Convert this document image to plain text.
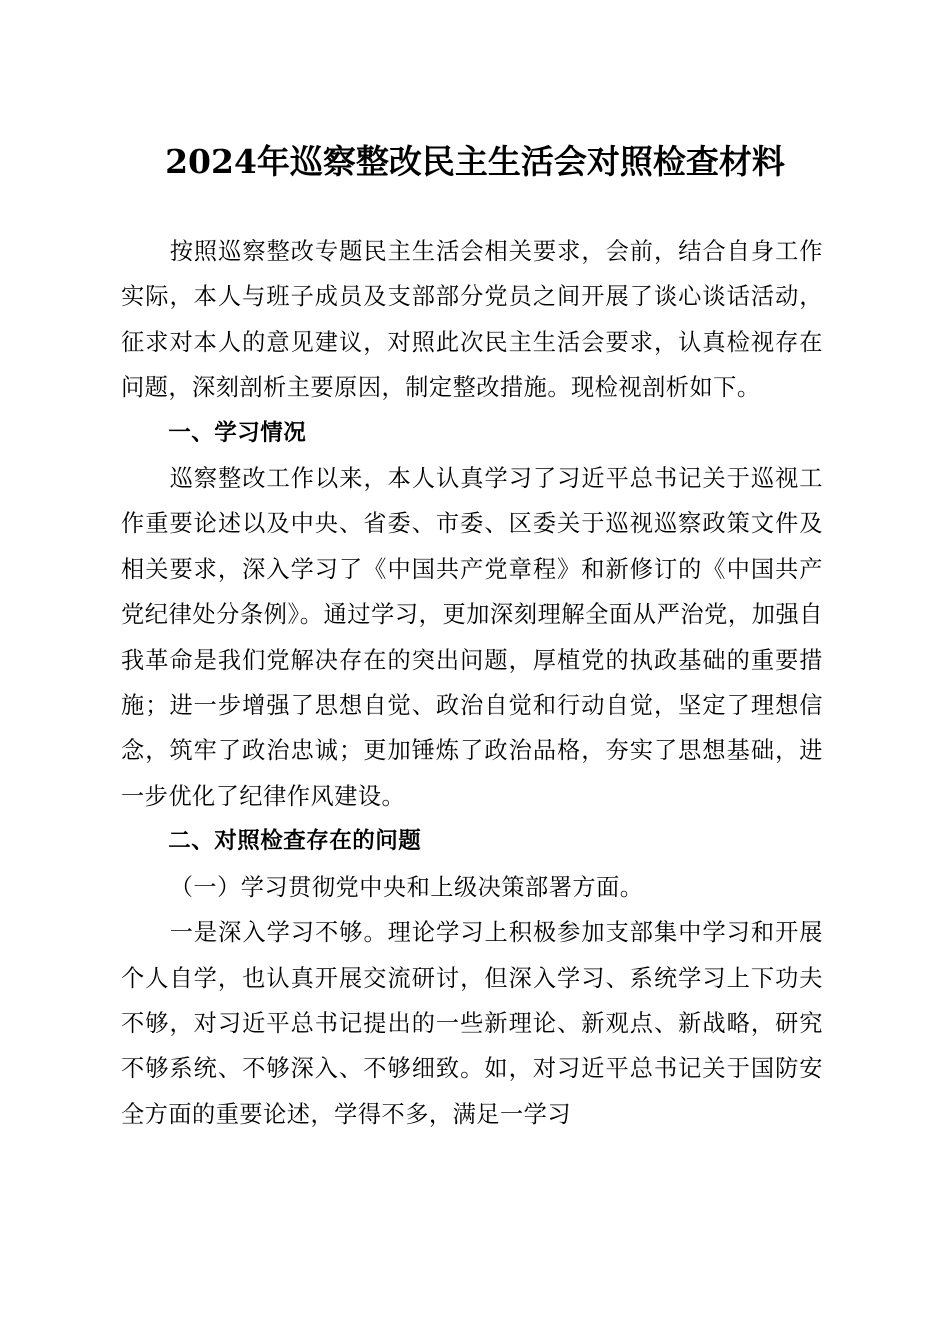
2024年巡察整改民主生活会对照检查材料

按照巡察整改专题民主生活会相关要求，会前，结合自身工作实际，本人与班子成员及支部部分党员之间开展了谈心谈话活动，征求对本人的意见建议，对照此次民主生活会要求，认真检视存在问题，深刻剖析主要原因，制定整改措施。现检视剖析如下。

一、学习情况

巡察整改工作以来，本人认真学习了习近平总书记关于巡视工作重要论述以及中央、省委、市委、区委关于巡视巡察政策文件及相关要求，深入学习了《中国共产党章程》和新修订的《中国共产党纪律处分条例》。通过学习，更加深刻理解全面从严治党，加强自我革命是我们党解决存在的突出问题，厚植党的执政基础的重要措施；进一步增强了思想自觉、政治自觉和行动自觉，坚定了理想信念，筑牢了政治忠诚；更加锤炼了政治品格，夯实了思想基础，进一步优化了纪律作风建设。

二、对照检查存在的问题

（一）学习贯彻党中央和上级决策部署方面。

一是深入学习不够。理论学习上积极参加支部集中学习和开展个人自学，也认真开展交流研讨，但深入学习、系统学习上下功夫不够，对习近平总书记提出的一些新理论、新观点、新战略，研究不够系统、不够深入、不够细致。如，对习近平总书记关于国防安全方面的重要论述，学得不多，满足一学习
